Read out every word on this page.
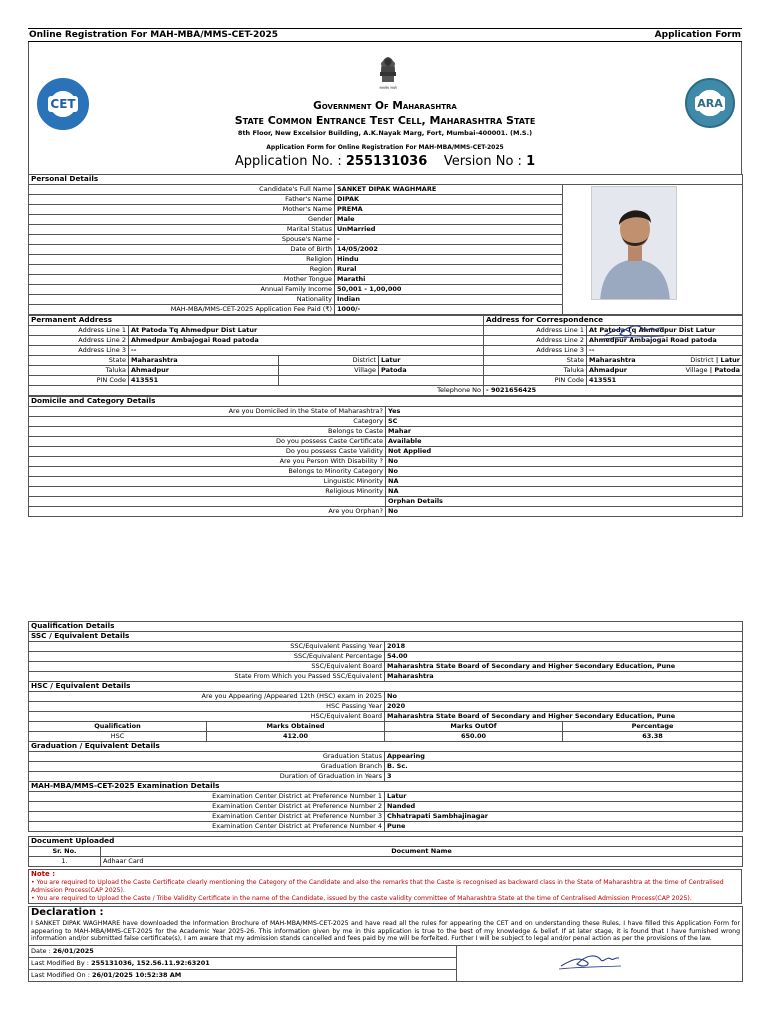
Online Registration For MAH-MBA/MMS-CET-2025	Application Form
CET
सत्यमेव जयते
ARA
Government Of Maharashtra
State Common Entrance Test Cell, Maharashtra State
8th Floor, New Excelsior Building, A.K.Nayak Marg, Fort, Mumbai-400001. (M.S.)
Application Form for Online Registration For MAH-MBA/MMS-CET-2025
Application No. : 255131036 Version No : 1
Personal Details		
Candidate's Full Name	SANKET DIPAK WAGHMARE	
Father's Name	DIPAK	
Mother's Name	PREMA	
Gender	Male	
Marital Status	UnMarried	
Spouse's Name	-	
Date of Birth	14/05/2002	
Religion	Hindu	
Region	Rural	
Mother Tongue	Marathi	
Annual Family Income	50,001 - 1,00,000	
Nationality	Indian	
MAH-MBA/MMS-CET-2025 Application Fee Paid (₹)	1000/-	
Permanent Address				Address for Correspondence	
Address Line 1	At Patoda Tq Ahmedpur Dist Latur			Address Line 1	At Patoda Tq Ahmedpur Dist Latur
Address Line 2	Ahmedpur Ambajogai Road patoda			Address Line 2	Ahmedpur Ambajogai Road patoda
Address Line 3	--			Address Line 3	--
State	Maharashtra	District	Latur	State	Maharashtra District | Latur

Taluka	Ahmadpur	Village	Patoda	Taluka	Ahmadpur Village | Patoda

PIN Code	413551			PIN Code	413551
Telephone No				- 9021656425	
Domicile and Category Details	
Are you Domiciled in the State of Maharashtra?	Yes
Category	SC
Belongs to Caste	Mahar
Do you possess Caste Certificate	Available
Do you possess Caste Validity	Not Applied
Are you Person With Disability ?	No
Belongs to Minority Category	No
Linguistic Minority	NA
Religious Minority	NA
	Orphan Details
Are you Orphan?	No
Qualification Details			
SSC / Equivalent Details			
SSC/Equivalent Passing Year		2018	
SSC/Equivalent Percentage		54.00	
SSC/Equivalent Board		Maharashtra State Board of Secondary and Higher Secondary Education, Pune	
State From Which you Passed SSC/Equivalent		Maharashtra	
HSC / Equivalent Details			
Are you Appearing /Appeared 12th (HSC) exam in 2025		No	
HSC Passing Year		2020	
HSC/Equivalent Board		Maharashtra State Board of Secondary and Higher Secondary Education, Pune	
Qualification	Marks Obtained	Marks OutOf	Percentage
HSC	412.00	650.00	63.38
Graduation / Equivalent Details			
Graduation Status		Appearing	
Graduation Branch		B. Sc.	
Duration of Graduation in Years		3	
MAH-MBA/MMS-CET-2025 Examination Details			
Examination Center District at Preference Number 1		Latur	
Examination Center District at Preference Number 2		Nanded	
Examination Center District at Preference Number 3		Chhatrapati Sambhajinagar	
Examination Center District at Preference Number 4		Pune	
Document Uploaded	
Sr. No.	Document Name
1.	Adhaar Card
Note :
• You are required to Upload the Caste Certificate clearly mentioning the Category of the Candidate and also the remarks that the Caste is recognised as backward class in the State of Maharashtra at the time of Centralised Admission Process(CAP 2025).
• You are required to Upload the Caste / Tribe Validity Certificate in the name of the Candidate, issued by the caste validity committee of Maharashtra State at the time of Centralised Admission Process(CAP 2025).
Declaration :
I SANKET DIPAK WAGHMARE have downloaded the Information Brochure of MAH-MBA/MMS-CET-2025 and have read all the rules for appearing the CET and on understanding these Rules, I have filled this Application Form for appearing to MAH-MBA/MMS-CET-2025 for the Academic Year 2025-26. This information given by me in this application is true to the best of my knowledge & belief. If at later stage, it is found that I have furnished wrong information and/or submitted false certificate(s), I am aware that my admission stands cancelled and fees paid by me will be forfeited. Further I will be subject to legal and/or penal action as per the provisions of the law.

Date : 26/01/2025	

Last Modified By : 255131036, 152.56.11.92:63201
Last Modified On : 26/01/2025 10:52:38 AM
